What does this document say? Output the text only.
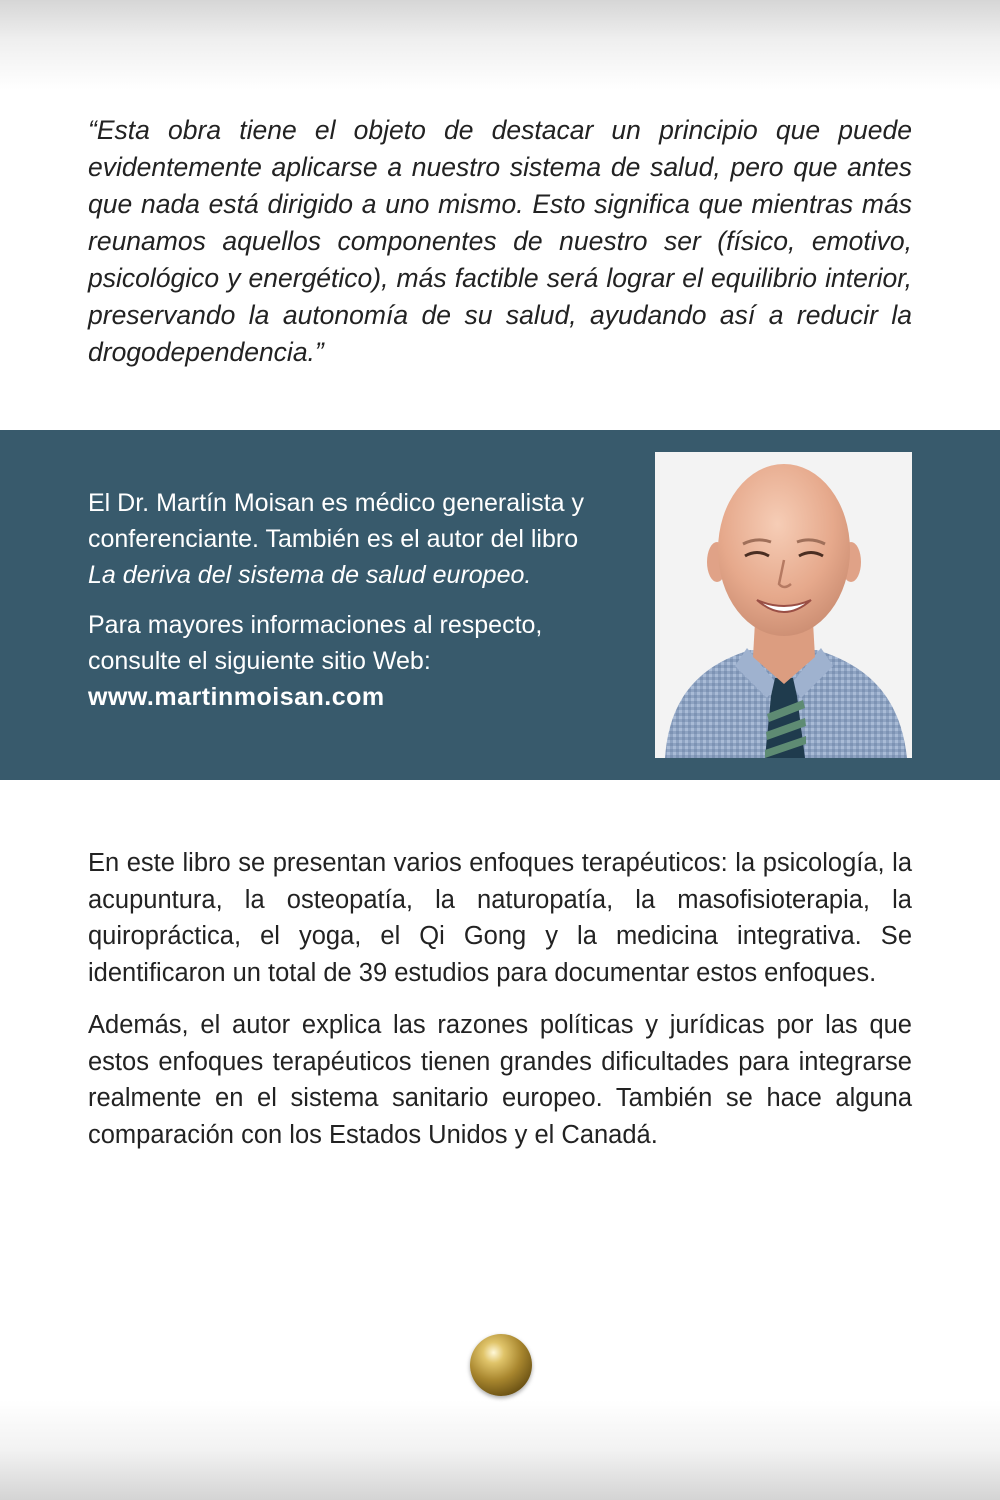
“Esta obra tiene el objeto de destacar un principio que puede evidentemente aplicarse a nuestro sistema de salud, pero que antes que nada está dirigido a uno mismo. Esto significa que mientras más reunamos aquellos componentes de nuestro ser (físico, emotivo, psicológico y energético), más factible será lograr el equilibrio interior, preservando la autonomía de su salud, ayudando así a reducir la drogodependencia.”

El Dr. Martín Moisan es médico generalista y conferenciante. También es el autor del libro
La deriva del sistema de salud europeo.

Para mayores informaciones al respecto, consulte el siguiente sitio Web:
www.martinmoisan.com

En este libro se presentan varios enfoques terapéuticos: la psicología, la acupuntura, la osteopatía, la naturopatía, la masofisioterapia, la quiropráctica, el yoga, el Qi Gong y la medicina integrativa. Se identificaron un total de 39 estudios para documentar estos enfoques.

Además, el autor explica las razones políticas y jurídicas por las que estos enfoques terapéuticos tienen grandes dificultades para integrarse realmente en el sistema sanitario europeo. También se hace alguna comparación con los Estados Unidos y el Canadá.
